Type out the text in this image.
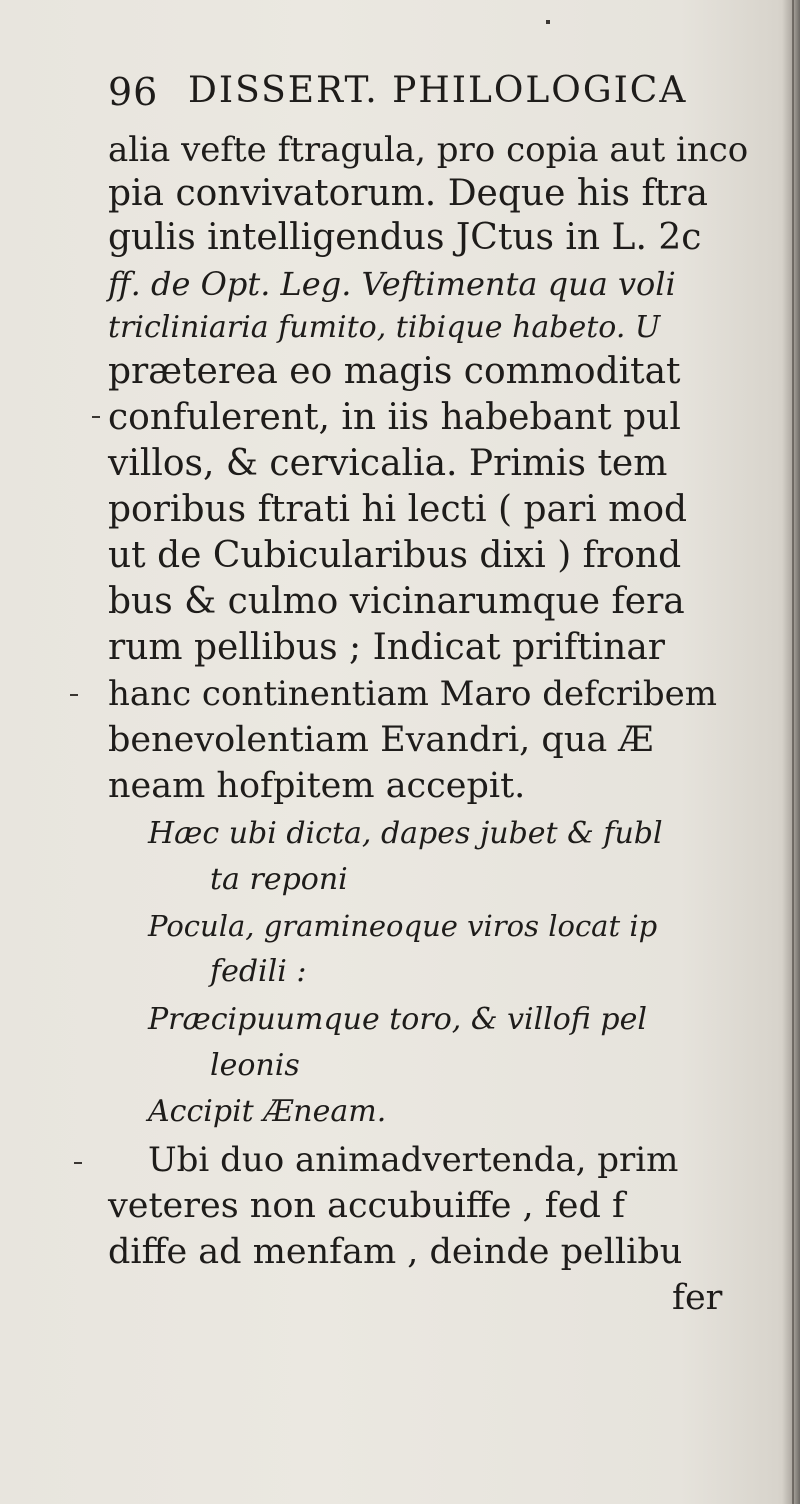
96 DISSERT. PHILOLOGICA
alia vefte ftragula, pro copia aut inco
pia convivatorum. Deque his ftra
gulis intelligendus JCtus in L. 2c
ff. de Opt. Leg. Veftimenta qua voli
tricliniaria fumito, tibique habeto. U
præterea eo magis commoditat
confulerent, in iis habebant pul
villos, & cervicalia. Primis tem
poribus ftrati hi lecti ( pari mod
ut de Cubicularibus dixi ) frond
bus & culmo vicinarumque fera
rum pellibus ; Indicat priftinar
hanc continentiam Maro defcribem
benevolentiam Evandri, qua Æ
neam hofpitem accepit.
Hæc ubi dicta, dapes jubet & fubl
ta reponi
Pocula, gramineoque viros locat ip
fedili :
Præcipuumque toro, & villofi pel
leonis
Accipit Æneam.
Ubi duo animadvertenda, prim
veteres non accubuiffe , fed f
diffe ad menfam , deinde pellibu
fer
